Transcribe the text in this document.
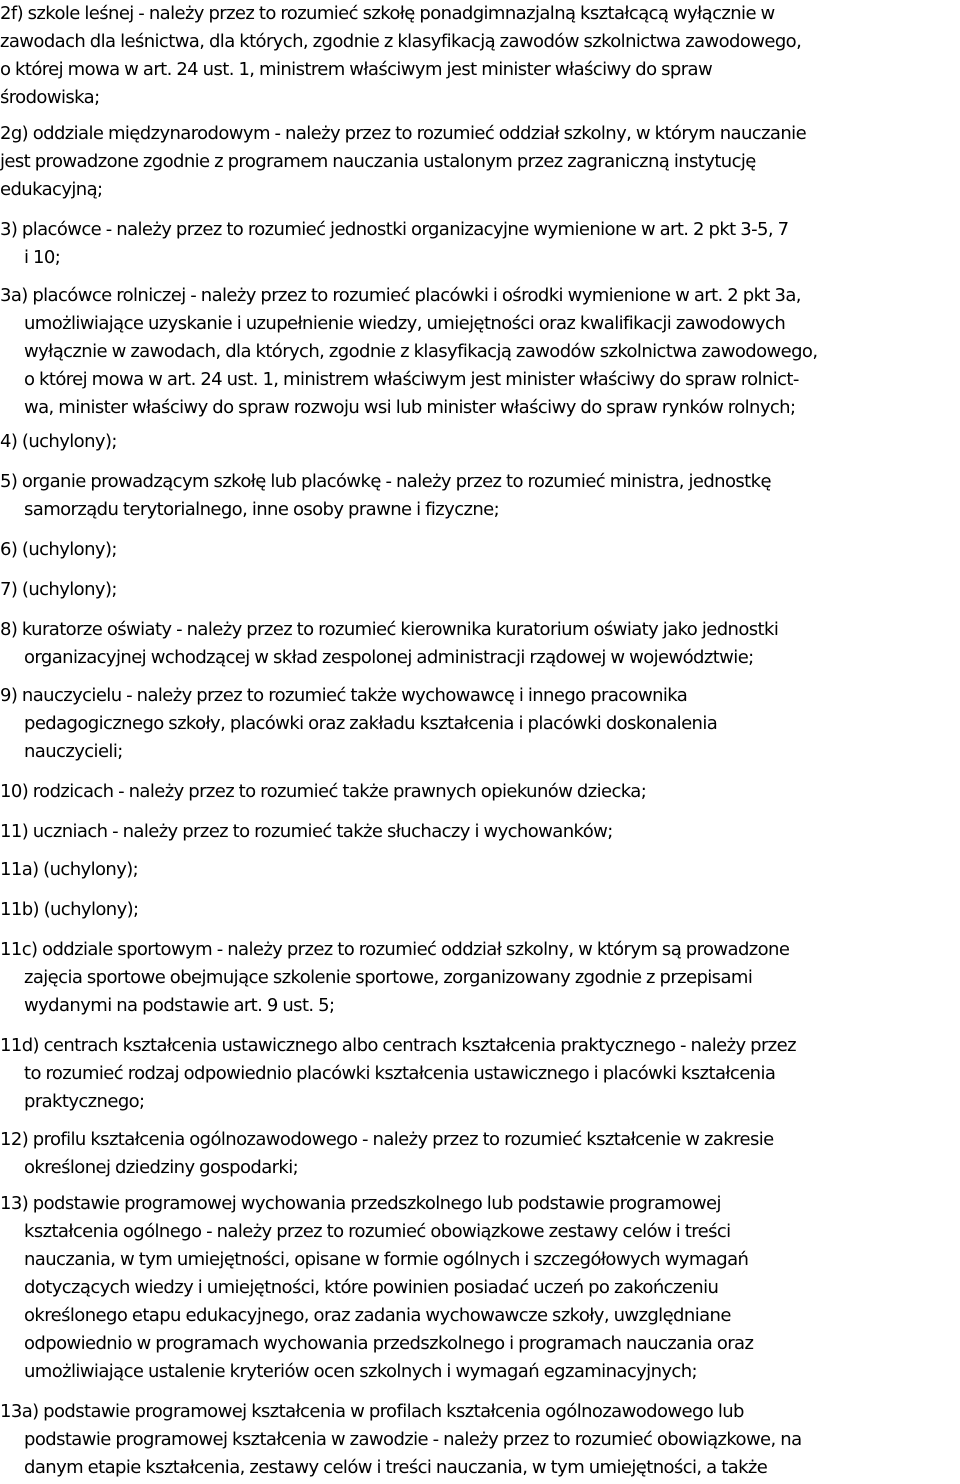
2f) szkole leśnej - należy przez to rozumieć szkołę ponadgimnazjalną kształcącą wyłącznie w
zawodach dla leśnictwa, dla których, zgodnie z klasyfikacją zawodów szkolnictwa zawodowego,
o której mowa w art. 24 ust. 1, ministrem właściwym jest minister właściwy do spraw
środowiska;
2g) oddziale międzynarodowym - należy przez to rozumieć oddział szkolny, w którym nauczanie
jest prowadzone zgodnie z programem nauczania ustalonym przez zagraniczną instytucję
edukacyjną;
3) placówce - należy przez to rozumieć jednostki organizacyjne wymienione w art. 2 pkt 3-5, 7
i 10;
3a) placówce rolniczej - należy przez to rozumieć placówki i ośrodki wymienione w art. 2 pkt 3a,
umożliwiające uzyskanie i uzupełnienie wiedzy, umiejętności oraz kwalifikacji zawodowych
wyłącznie w zawodach, dla których, zgodnie z klasyfikacją zawodów szkolnictwa zawodowego,
o której mowa w art. 24 ust. 1, ministrem właściwym jest minister właściwy do spraw rolnict-
wa, minister właściwy do spraw rozwoju wsi lub minister właściwy do spraw rynków rolnych;
4) (uchylony);
5) organie prowadzącym szkołę lub placówkę - należy przez to rozumieć ministra, jednostkę
samorządu terytorialnego, inne osoby prawne i fizyczne;
6) (uchylony);
7) (uchylony);
8) kuratorze oświaty - należy przez to rozumieć kierownika kuratorium oświaty jako jednostki
organizacyjnej wchodzącej w skład zespolonej administracji rządowej w województwie;
9) nauczycielu - należy przez to rozumieć także wychowawcę i innego pracownika
pedagogicznego szkoły, placówki oraz zakładu kształcenia i placówki doskonalenia
nauczycieli;
10) rodzicach - należy przez to rozumieć także prawnych opiekunów dziecka;
11) uczniach - należy przez to rozumieć także słuchaczy i wychowanków;
11a) (uchylony);
11b) (uchylony);
11c) oddziale sportowym - należy przez to rozumieć oddział szkolny, w którym są prowadzone
zajęcia sportowe obejmujące szkolenie sportowe, zorganizowany zgodnie z przepisami
wydanymi na podstawie art. 9 ust. 5;
11d) centrach kształcenia ustawicznego albo centrach kształcenia praktycznego - należy przez
to rozumieć rodzaj odpowiednio placówki kształcenia ustawicznego i placówki kształcenia
praktycznego;
12) profilu kształcenia ogólnozawodowego - należy przez to rozumieć kształcenie w zakresie
określonej dziedziny gospodarki;
13) podstawie programowej wychowania przedszkolnego lub podstawie programowej
kształcenia ogólnego - należy przez to rozumieć obowiązkowe zestawy celów i treści
nauczania, w tym umiejętności, opisane w formie ogólnych i szczegółowych wymagań
dotyczących wiedzy i umiejętności, które powinien posiadać uczeń po zakończeniu
określonego etapu edukacyjnego, oraz zadania wychowawcze szkoły, uwzględniane
odpowiednio w programach wychowania przedszkolnego i programach nauczania oraz
umożliwiające ustalenie kryteriów ocen szkolnych i wymagań egzaminacyjnych;
13a) podstawie programowej kształcenia w profilach kształcenia ogólnozawodowego lub
podstawie programowej kształcenia w zawodzie - należy przez to rozumieć obowiązkowe, na
danym etapie kształcenia, zestawy celów i treści nauczania, w tym umiejętności, a także
